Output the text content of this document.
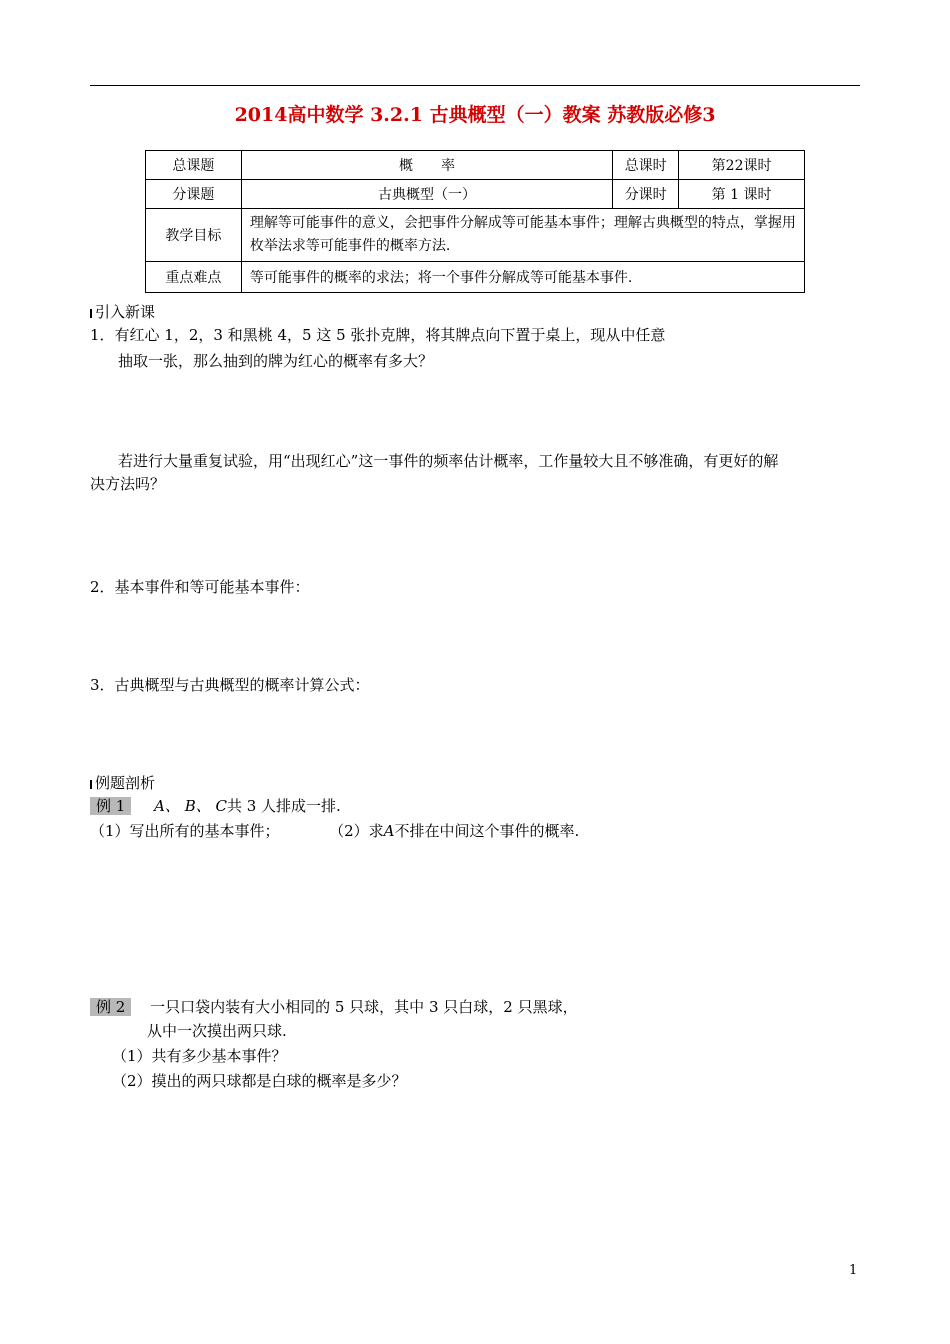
2014高中数学 3.2.1 古典概型（一）教案 苏教版必修3
总课题	概　　率	总课时	第22课时
分课题	古典概型（一）	分课时	第 1 课时
教学目标	理解等可能事件的意义，会把事件分解成等可能基本事件；理解古典概型的特点，掌握用枚举法求等可能事件的概率方法.		
重点难点	等可能事件的概率的求法；将一个事件分解成等可能基本事件.		
引入新课
1．有红心 1，2，3 和黑桃 4，5 这 5 张扑克牌，将其牌点向下置于桌上，现从中任意
抽取一张，那么抽到的牌为红心的概率有多大？
若进行大量重复试验，用“出现红心”这一事件的频率估计概率，工作量较大且不够准确，有更好的解
决方法吗？
2．基本事件和等可能基本事件：
3．古典概型与古典概型的概率计算公式：
例题剖析
例 1 A、 B、 C共 3 人排成一排.
（1）写出所有的基本事件；	（2）求A不排在中间这个事件的概率.
例 2 一只口袋内装有大小相同的 5 只球，其中 3 只白球，2 只黑球，
从中一次摸出两只球.
（1）共有多少基本事件？
（2）摸出的两只球都是白球的概率是多少？
1
